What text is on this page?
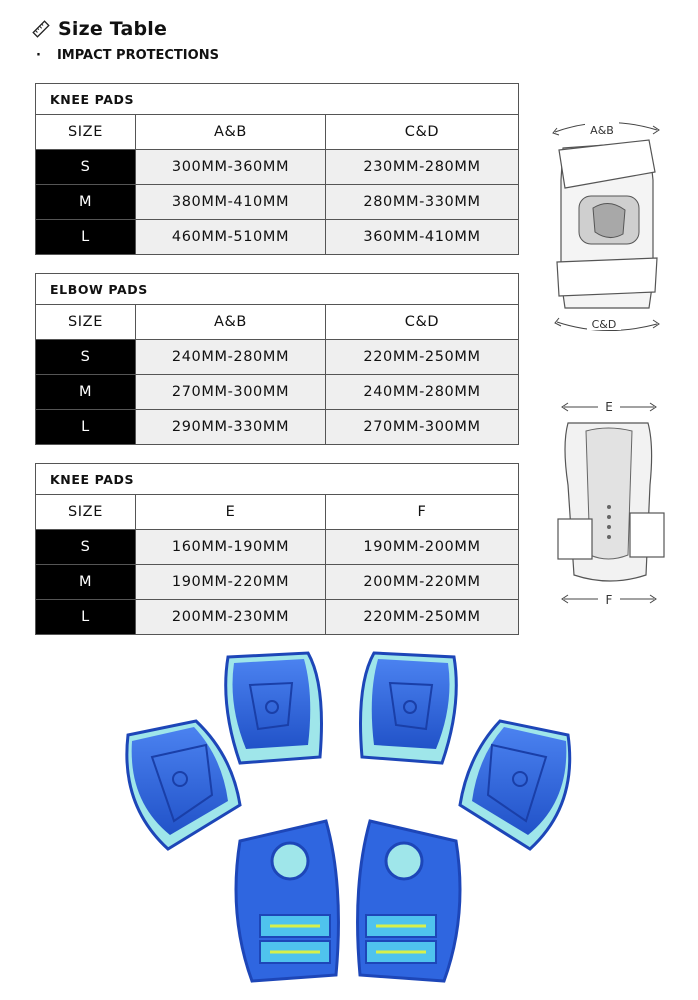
Size Table
· IMPACT PROTECTIONS
KNEE PADS		
SIZE	A&B	C&D
S	300MM-360MM	230MM-280MM
M	380MM-410MM	280MM-330MM
L	460MM-510MM	360MM-410MM
ELBOW PADS		
SIZE	A&B	C&D
S	240MM-280MM	220MM-250MM
M	270MM-300MM	240MM-280MM
L	290MM-330MM	270MM-300MM
KNEE PADS		
SIZE	E	F
S	160MM-190MM	190MM-200MM
M	190MM-220MM	200MM-220MM
L	200MM-230MM	220MM-250MM
A&B
C&D
E
F
